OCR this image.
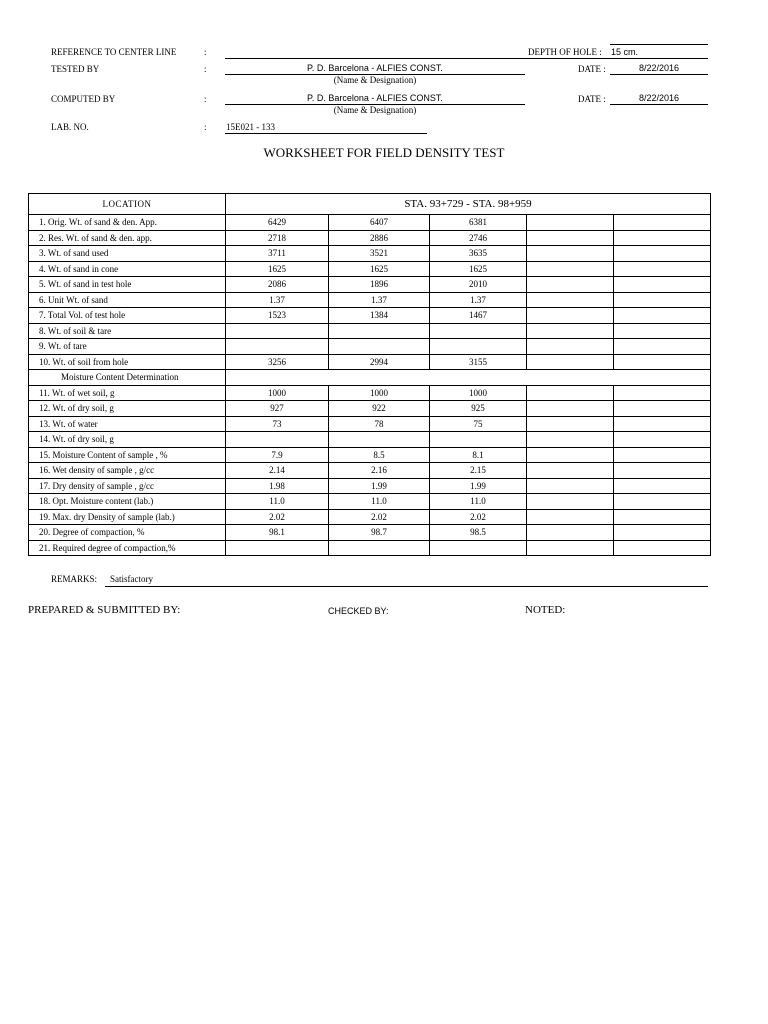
REFERENCE TO CENTER LINE	:	DEPTH OF HOLE : 15 cm.
TESTED BY	:	P. D. Barcelona - ALFIES CONST.
(Name & Designation)
DATE :	8/22/2016
COMPUTED BY	:	P. D. Barcelona - ALFIES CONST.
(Name & Designation)
DATE :	8/22/2016
LAB. NO.	: 15E021 - 133
WORKSHEET FOR FIELD DENSITY TEST
LOCATION	STA. 93+729 - STA. 98+959				
1. Orig. Wt. of sand & den. App.	6429	6407	6381		
2. Res. Wt. of sand & den. app.	2718	2886	2746		
3. Wt. of sand used	3711	3521	3635		
4. Wt. of sand in cone	1625	1625	1625		
5. Wt. of sand in test hole	2086	1896	2010		
6. Unit Wt. of sand	1.37	1.37	1.37		
7. Total Vol. of test hole	1523	1384	1467		
8. Wt. of soil & tare					
9. Wt. of tare					
10. Wt. of soil from hole	3256	2994	3155		
Moisture Content Determination					
11. Wt. of wet soil, g	1000	1000	1000		
12. Wt. of dry soil, g	927	922	925		
13. Wt. of water	73	78	75		
14. Wt. of dry soil, g					
15. Moisture Content of sample , %	7.9	8.5	8.1		
16. Wet density of sample , g/cc	2.14	2.16	2.15		
17. Dry density of sample , g/cc	1.98	1.99	1.99		
18. Opt. Moisture content (lab.)	11.0	11.0	11.0		
19. Max. dry Density of sample (lab.)	2.02	2.02	2.02		
20. Degree of compaction, %	98.1	98.7	98.5		
21. Required degree of compaction,%					
REMARKS: Satisfactory
PREPARED & SUBMITTED BY:	CHECKED BY:	NOTED:
